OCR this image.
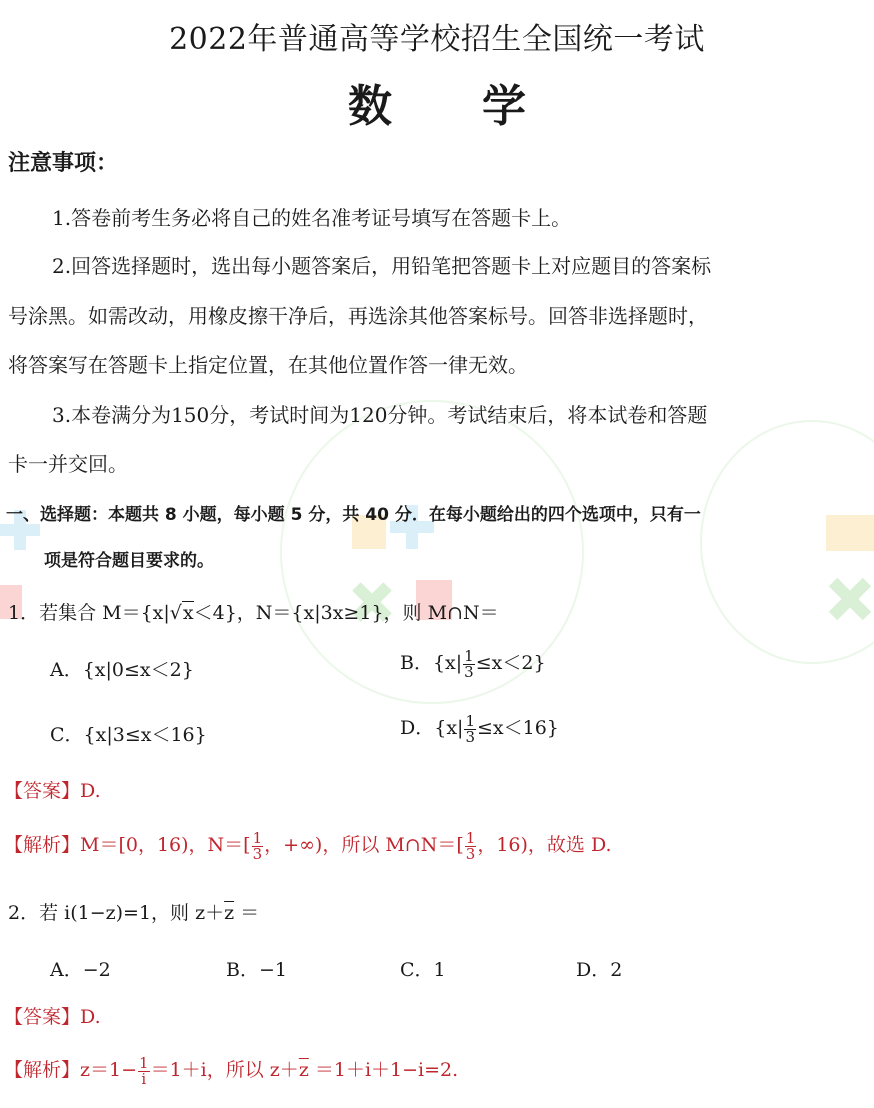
2022年普通高等学校招生全国统一考试
数 学
注意事项：
1.答卷前考生务必将自己的姓名准考证号填写在答题卡上。
2.回答选择题时，选出每小题答案后，用铅笔把答题卡上对应题目的答案标
号涂黑。如需改动，用橡皮擦干净后，再选涂其他答案标号。回答非选择题时，
将答案写在答题卡上指定位置，在其他位置作答一律无效。
3.本卷满分为150分，考试时间为120分钟。考试结束后，将本试卷和答题
卡一并交回。
一、选择题：本题共 8 小题，每小题 5 分，共 40 分．在每小题给出的四个选项中，只有一
项是符合题目要求的。
1．若集合 M＝{x|√x＜4}，N＝{x|3x≥1}，则 M∩N＝
A．{x|0≤x＜2}	B．$\{x| \frac{1}{3} \le x<2\}$
C．{x|3≤x＜16}	D．$\{x| \frac{1}{3} \le x<16\}$
【答案】D.
【解析】M＝[0，16)，$N=[ \frac{1}{3}$ ，+∞)，所以 M∩N＝[ $\frac{1}{3}$ ，16)，故选 D.
2．若 i(1−z)=1，则 $z+\overline{z}$ ＝
A．−2	B．−1	C．1	D．2
【答案】D.
【解析】$z=1- \frac{1}{i} =1+i$，所以 $z+\overline{z} =1+i+1-i=2$.
